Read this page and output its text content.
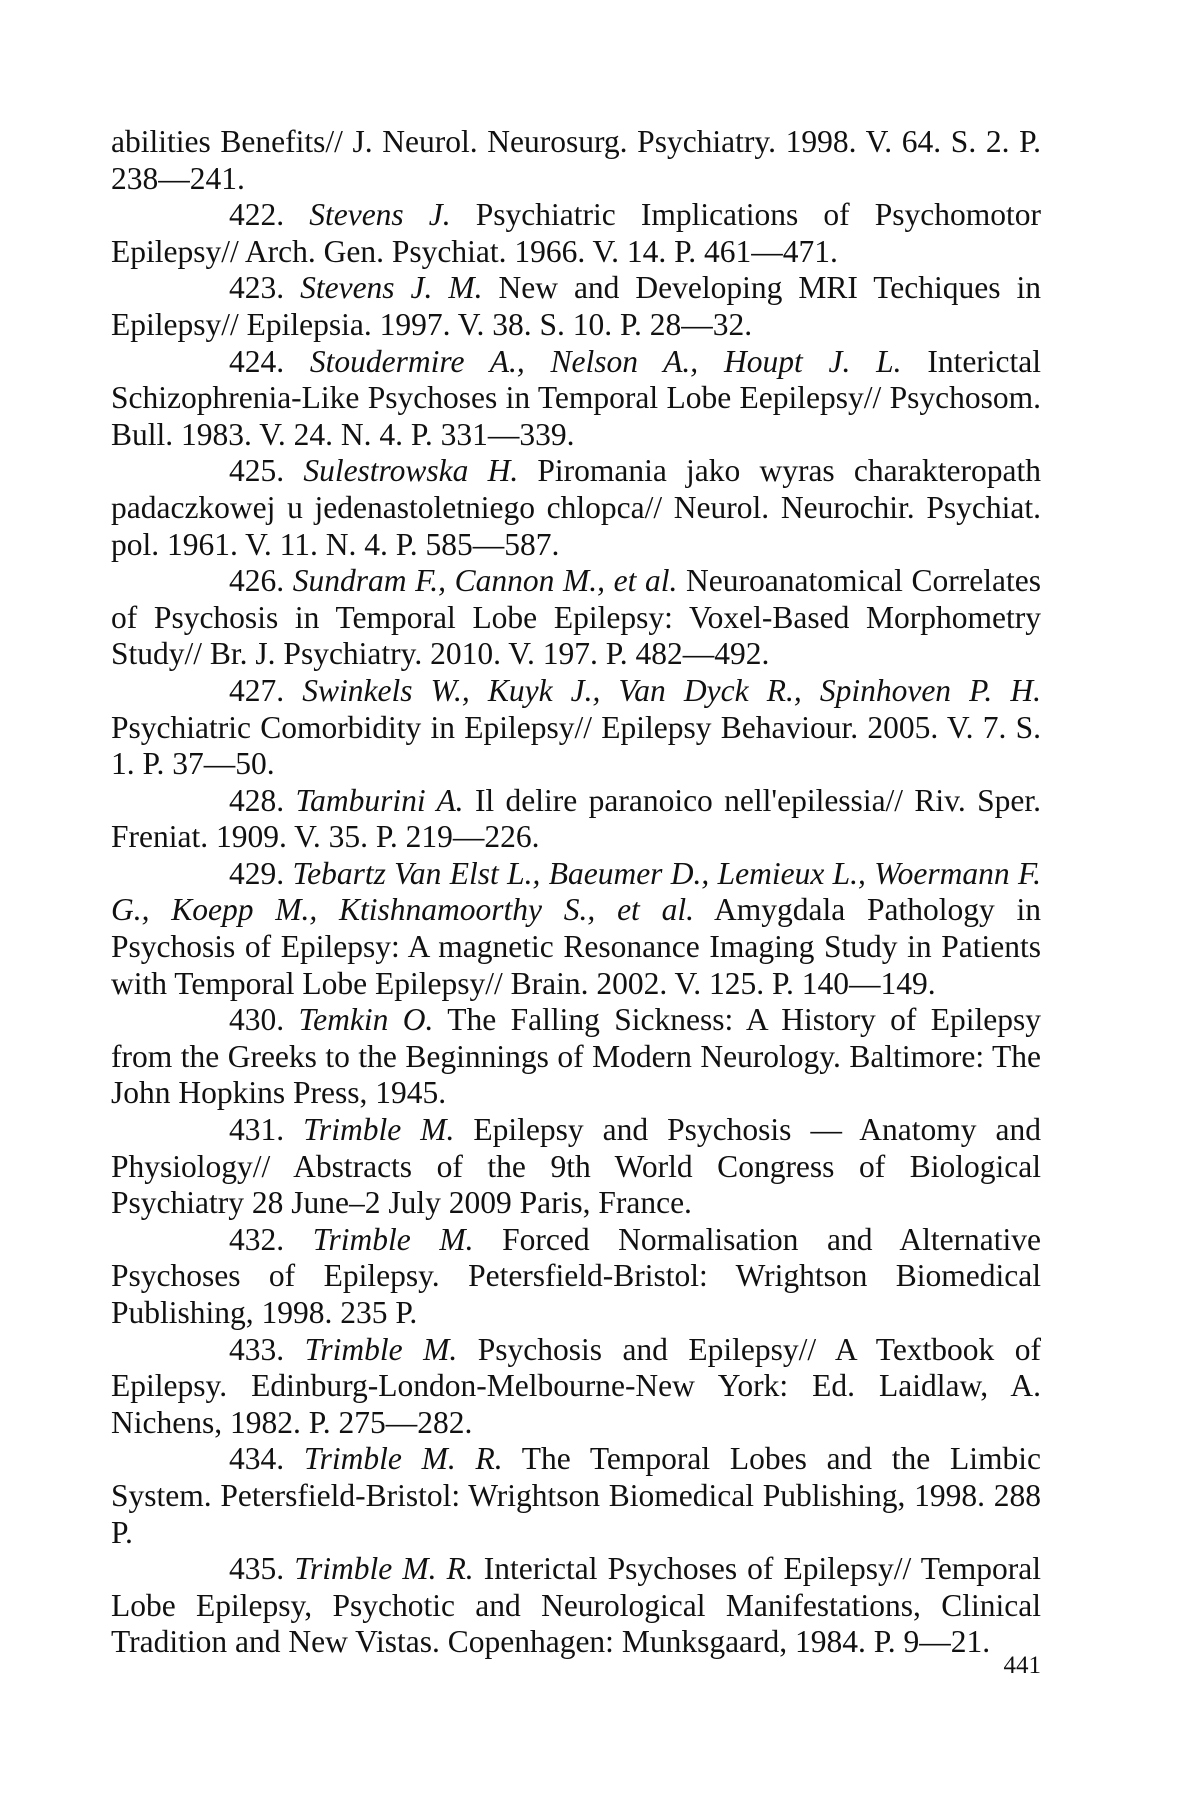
abilities Benefits// J. Neurol. Neurosurg. Psychiatry. 1998. V. 64. S. 2. P. 238—241.

422. Stevens J. Psychiatric Implications of Psychomotor Epilepsy// Arch. Gen. Psychiat. 1966. V. 14. P. 461—471.

423. Stevens J. M. New and Developing MRI Techiques in Epilepsy// Epilepsia. 1997. V. 38. S. 10. P. 28—32.

424. Stoudermire A., Nelson A., Houpt J. L. Interictal Schizophrenia-Like Psychoses in Temporal Lobe Eepilepsy// Psychosom. Bull. 1983. V. 24. N. 4. P. 331—339.

425. Sulestrowska H. Piromania jako wyras charakteropath padaczkowej u jedenastoletniego chlopca// Neurol. Neurochir. Psychiat. pol. 1961. V. 11. N. 4. P. 585—587.

426. Sundram F., Cannon M., et al. Neuroanatomical Correlates of Psychosis in Temporal Lobe Epilepsy: Voxel-Based Morphometry Study// Br. J. Psychiatry. 2010. V. 197. P. 482—492.

427. Swinkels W., Kuyk J., Van Dyck R., Spinhoven P. H. Psychiatric Comorbidity in Epilepsy// Epilepsy Behaviour. 2005. V. 7. S. 1. P. 37—50.

428. Tamburini A. Il delire paranoico nell'epilessia// Riv. Sper. Freniat. 1909. V. 35. P. 219—226.

429. Tebartz Van Elst L., Baeumer D., Lemieux L., Woermann F. G., Koepp M., Ktishnamoorthy S., et al. Amygdala Pathology in Psychosis of Epilepsy: A magnetic Resonance Imaging Study in Patients with Temporal Lobe Epilepsy// Brain. 2002. V. 125. P. 140—149.

430. Temkin O. The Falling Sickness: A History of Epilepsy from the Greeks to the Beginnings of Modern Neurology. Baltimore: The John Hopkins Press, 1945.

431. Trimble M. Epilepsy and Psychosis — Anatomy and Physiology// Abstracts of the 9th World Congress of Biological Psychiatry 28 June–2 July 2009 Paris, France.

432. Trimble M. Forced Normalisation and Alternative Psychoses of Epilepsy. Petersfield-Bristol: Wrightson Biomedical Publishing, 1998. 235 P.

433. Trimble M. Psychosis and Epilepsy// A Textbook of Epilepsy. Edinburg-London-Melbourne-New York: Ed. Laidlaw, A. Nichens, 1982. P. 275—282.

434. Trimble M. R. The Temporal Lobes and the Limbic System. Petersfield-Bristol: Wrightson Biomedical Publishing, 1998. 288 P.

435. Trimble M. R. Interictal Psychoses of Epilepsy// Temporal Lobe Epilepsy, Psychotic and Neurological Manifestations, Clinical Tradition and New Vistas. Copenhagen: Munksgaard, 1984. P. 9—21.

441
